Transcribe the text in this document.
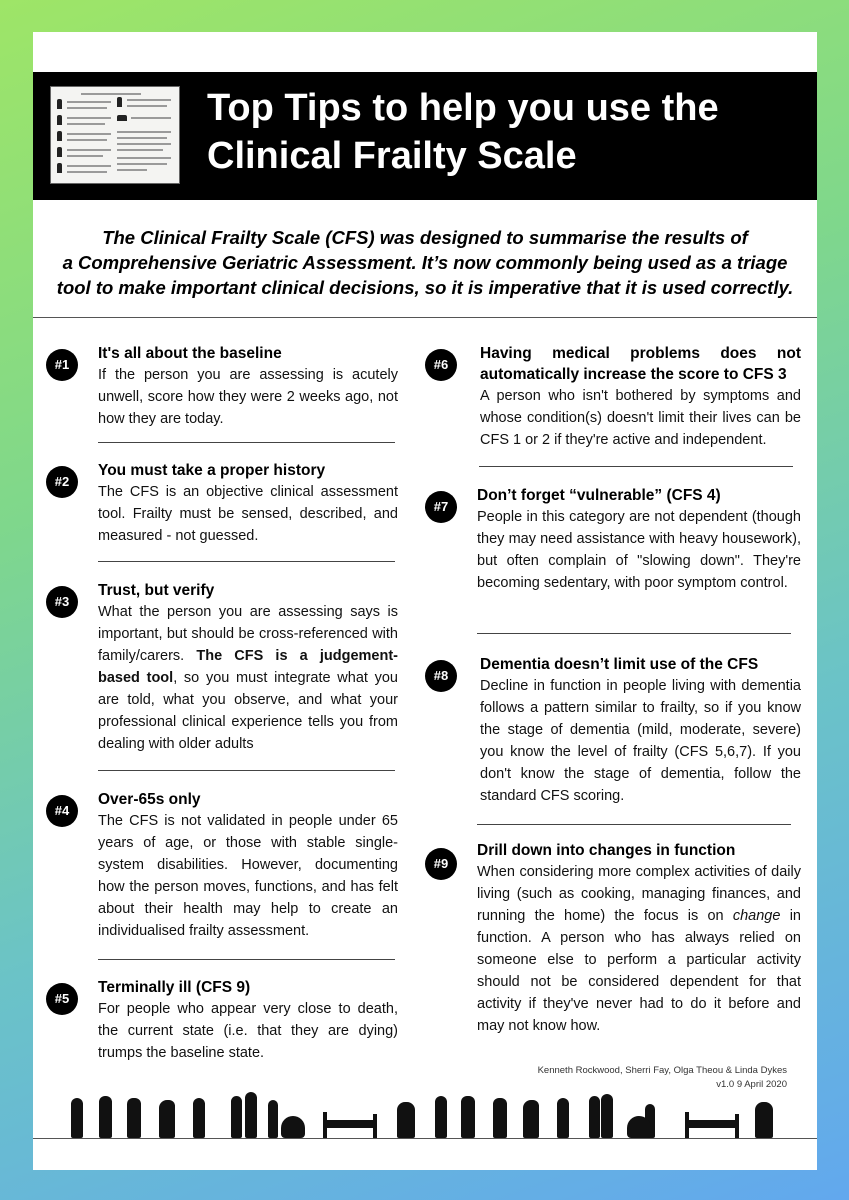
Top Tips to help you use the
Clinical Frailty Scale
The Clinical Frailty Scale (CFS) was designed to summarise the results of
a Comprehensive Geriatric Assessment. It’s now commonly being used as a triage
tool to make important clinical decisions, so it is imperative that it is used correctly.
#1
It's all about the baseline
If the person you are assessing is acutely unwell, score how they were 2 weeks ago, not how they are today.
#2
You must take a proper history
The CFS is an objective clinical assessment tool. Frailty must be sensed, described, and measured - not guessed.
#3
Trust, but verify
What the person you are assessing says is important, but should be cross-referenced with family/carers. The CFS is a judgement-based tool, so you must integrate what you are told, what you observe, and what your professional clinical experience tells you from dealing with older adults
#4
Over-65s only
The CFS is not validated in people under 65 years of age, or those with stable single-system disabilities. However, documenting how the person moves, functions, and has felt about their health may help to create an individualised frailty assessment.
#5
Terminally ill (CFS 9)
For people who appear very close to death, the current state (i.e. that they are dying) trumps the baseline state.
#6
Having medical problems does not automatically increase the score to CFS 3
A person who isn't bothered by symptoms and whose condition(s) doesn't limit their lives can be CFS 1 or 2 if they're active and independent.
#7
Don’t forget “vulnerable” (CFS 4)
People in this category are not dependent (though they may need assistance with heavy housework), but often complain of "slowing down". They're becoming sedentary, with poor symptom control.
#8
Dementia doesn’t limit use of the CFS
Decline in function in people living with dementia follows a pattern similar to frailty, so if you know the stage of dementia (mild, moderate, severe) you know the level of frailty (CFS 5,6,7). If you don't know the stage of dementia, follow the standard CFS scoring.
#9
Drill down into changes in function
When considering more complex activities of daily living (such as cooking, managing finances, and running the home) the focus is on change in function. A person who has always relied on someone else to perform a particular activity should not be considered dependent for that activity if they've never had to do it before and may not know how.
Kenneth Rockwood, Sherri Fay, Olga Theou & Linda Dykes
v1.0 9 April 2020
